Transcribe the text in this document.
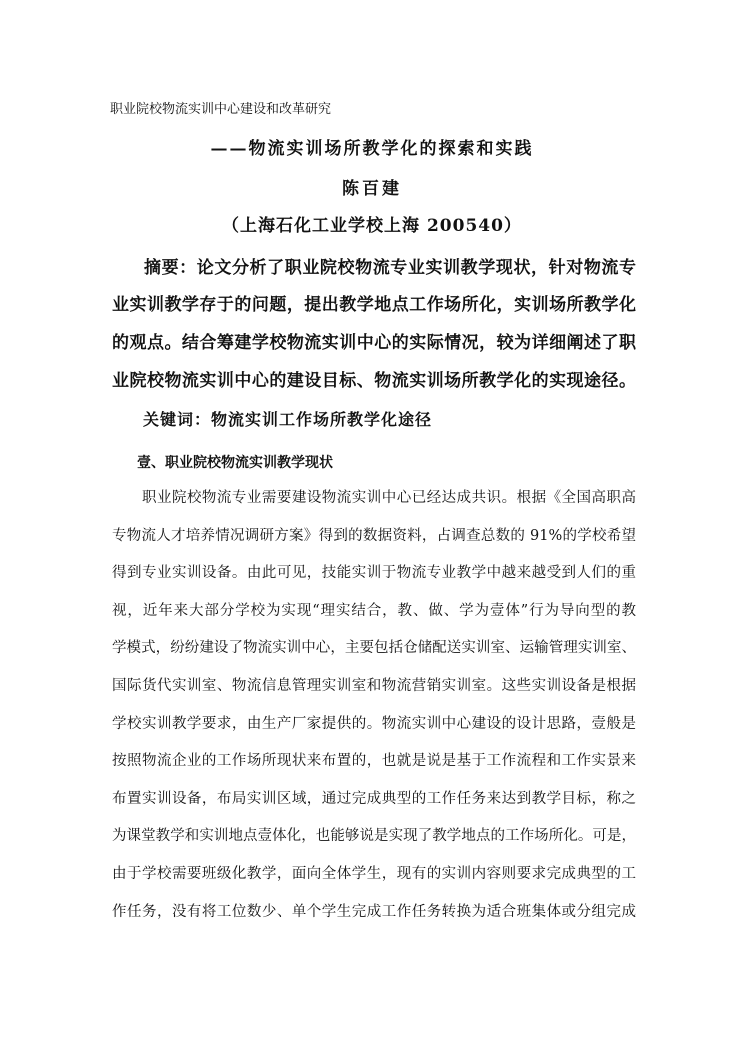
职业院校物流实训中心建设和改革研究
——物流实训场所教学化的探索和实践
陈百建
（上海石化工业学校上海 200540）
摘要：论文分析了职业院校物流专业实训教学现状，针对物流专
业实训教学存于的问题，提出教学地点工作场所化，实训场所教学化
的观点。结合筹建学校物流实训中心的实际情况，较为详细阐述了职
业院校物流实训中心的建设目标、物流实训场所教学化的实现途径。
关键词：物流实训工作场所教学化途径
壹、职业院校物流实训教学现状
职业院校物流专业需要建设物流实训中心已经达成共识。根据《全国高职高
专物流人才培养情况调研方案》得到的数据资料，占调查总数的 91%的学校希望
得到专业实训设备。由此可见，技能实训于物流专业教学中越来越受到人们的重
视，近年来大部分学校为实现“理实结合，教、做、学为壹体”行为导向型的教
学模式，纷纷建设了物流实训中心，主要包括仓储配送实训室、运输管理实训室、
国际货代实训室、物流信息管理实训室和物流营销实训室。这些实训设备是根据
学校实训教学要求，由生产厂家提供的。物流实训中心建设的设计思路，壹般是
按照物流企业的工作场所现状来布置的，也就是说是基于工作流程和工作实景来
布置实训设备，布局实训区域，通过完成典型的工作任务来达到教学目标，称之
为课堂教学和实训地点壹体化，也能够说是实现了教学地点的工作场所化。可是，
由于学校需要班级化教学，面向全体学生，现有的实训内容则要求完成典型的工
作任务，没有将工位数少、单个学生完成工作任务转换为适合班集体或分组完成
